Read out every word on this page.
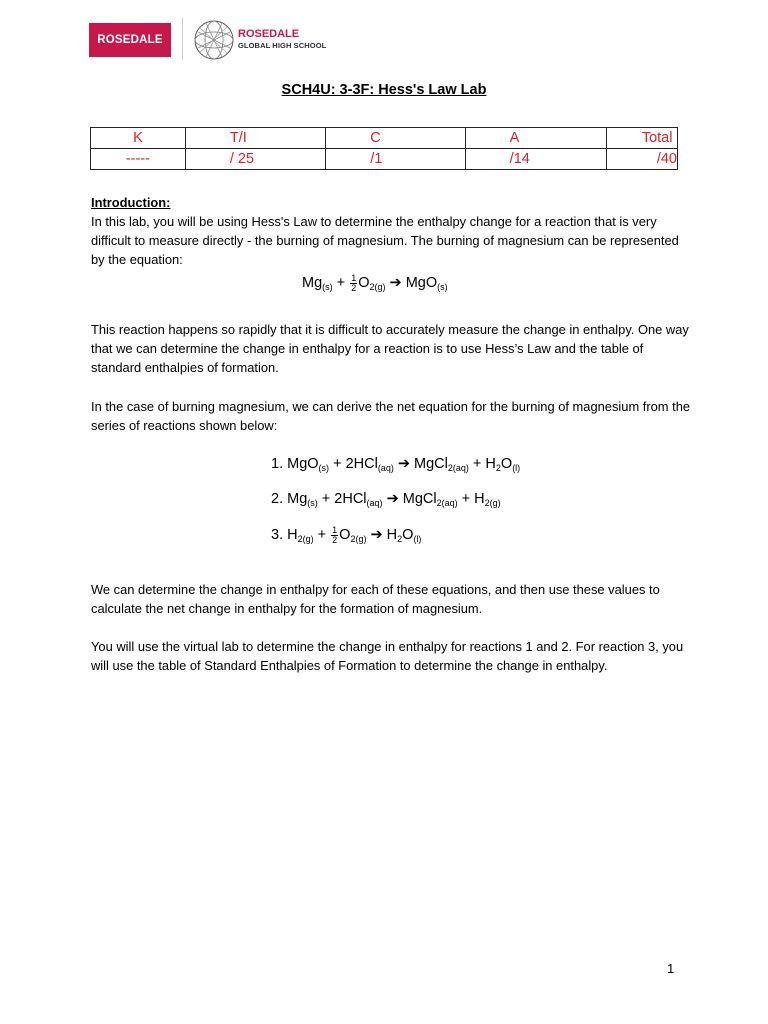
ROSEDALE	ROSEDALE
GLOBAL HIGH SCHOOL
SCH4U: 3-3F: Hess's Law Lab
K	T/I	C	A	Total
-----	/ 25	/1	/14	/40
Introduction:
In this lab, you will be using Hess's Law to determine the enthalpy change for a reaction that is very difficult to measure directly - the burning of magnesium. The burning of magnesium can be represented by the equation:
$Mg_{(s)} + \frac{1}{2} O_{2(g)}$ ➔ MgO$_{(s)}$
This reaction happens so rapidly that it is difficult to accurately measure the change in enthalpy. One way that we can determine the change in enthalpy for a reaction is to use Hess’s Law and the table of standard enthalpies of formation.
In the case of burning magnesium, we can derive the net equation for the burning of magnesium from the series of reactions shown below:
1. MgO$_{(s)}$ + 2HCl$_{(aq)}$ ➔ MgCl$_{2(aq)}$ + $H_2O_{(l)}$
2. $Mg_{(s)} + 2HCl_{(aq)}$ ➔ MgCl$_{2(aq)}$ + $H_{2(g)}$
3. $H_{2(g)} + \frac{1}{2} O_{2(g)}$ ➔ $H_2O_{(l)}$
We can determine the change in enthalpy for each of these equations, and then use these values to calculate the net change in enthalpy for the formation of magnesium.
You will use the virtual lab to determine the change in enthalpy for reactions 1 and 2. For reaction 3, you will use the table of Standard Enthalpies of Formation to determine the change in enthalpy.
1
